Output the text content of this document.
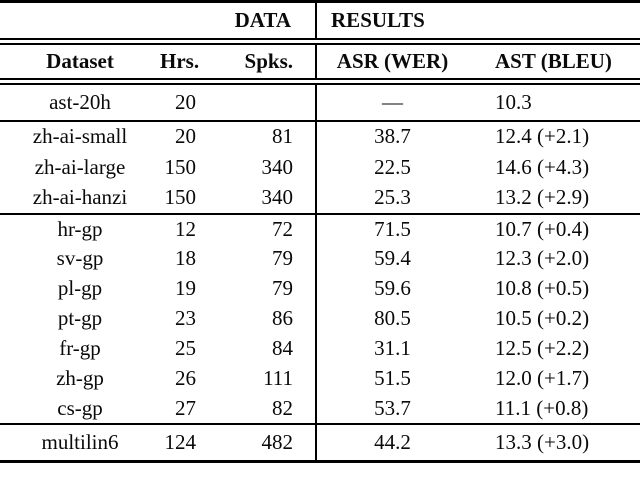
	DATA		RESULTS	
Dataset	Hrs.	Spks.	ASR (WER)	AST (BLEU)
ast-20h	20		—	10.3
zh-ai-small	20	81	38.7	12.4 (+2.1)
zh-ai-large	150	340	22.5	14.6 (+4.3)
zh-ai-hanzi	150	340	25.3	13.2 (+2.9)
hr-gp	12	72	71.5	10.7 (+0.4)
sv-gp	18	79	59.4	12.3 (+2.0)
pl-gp	19	79	59.6	10.8 (+0.5)
pt-gp	23	86	80.5	10.5 (+0.2)
fr-gp	25	84	31.1	12.5 (+2.2)
zh-gp	26	111	51.5	12.0 (+1.7)
cs-gp	27	82	53.7	11.1 (+0.8)
multilin6	124	482	44.2	13.3 (+3.0)
